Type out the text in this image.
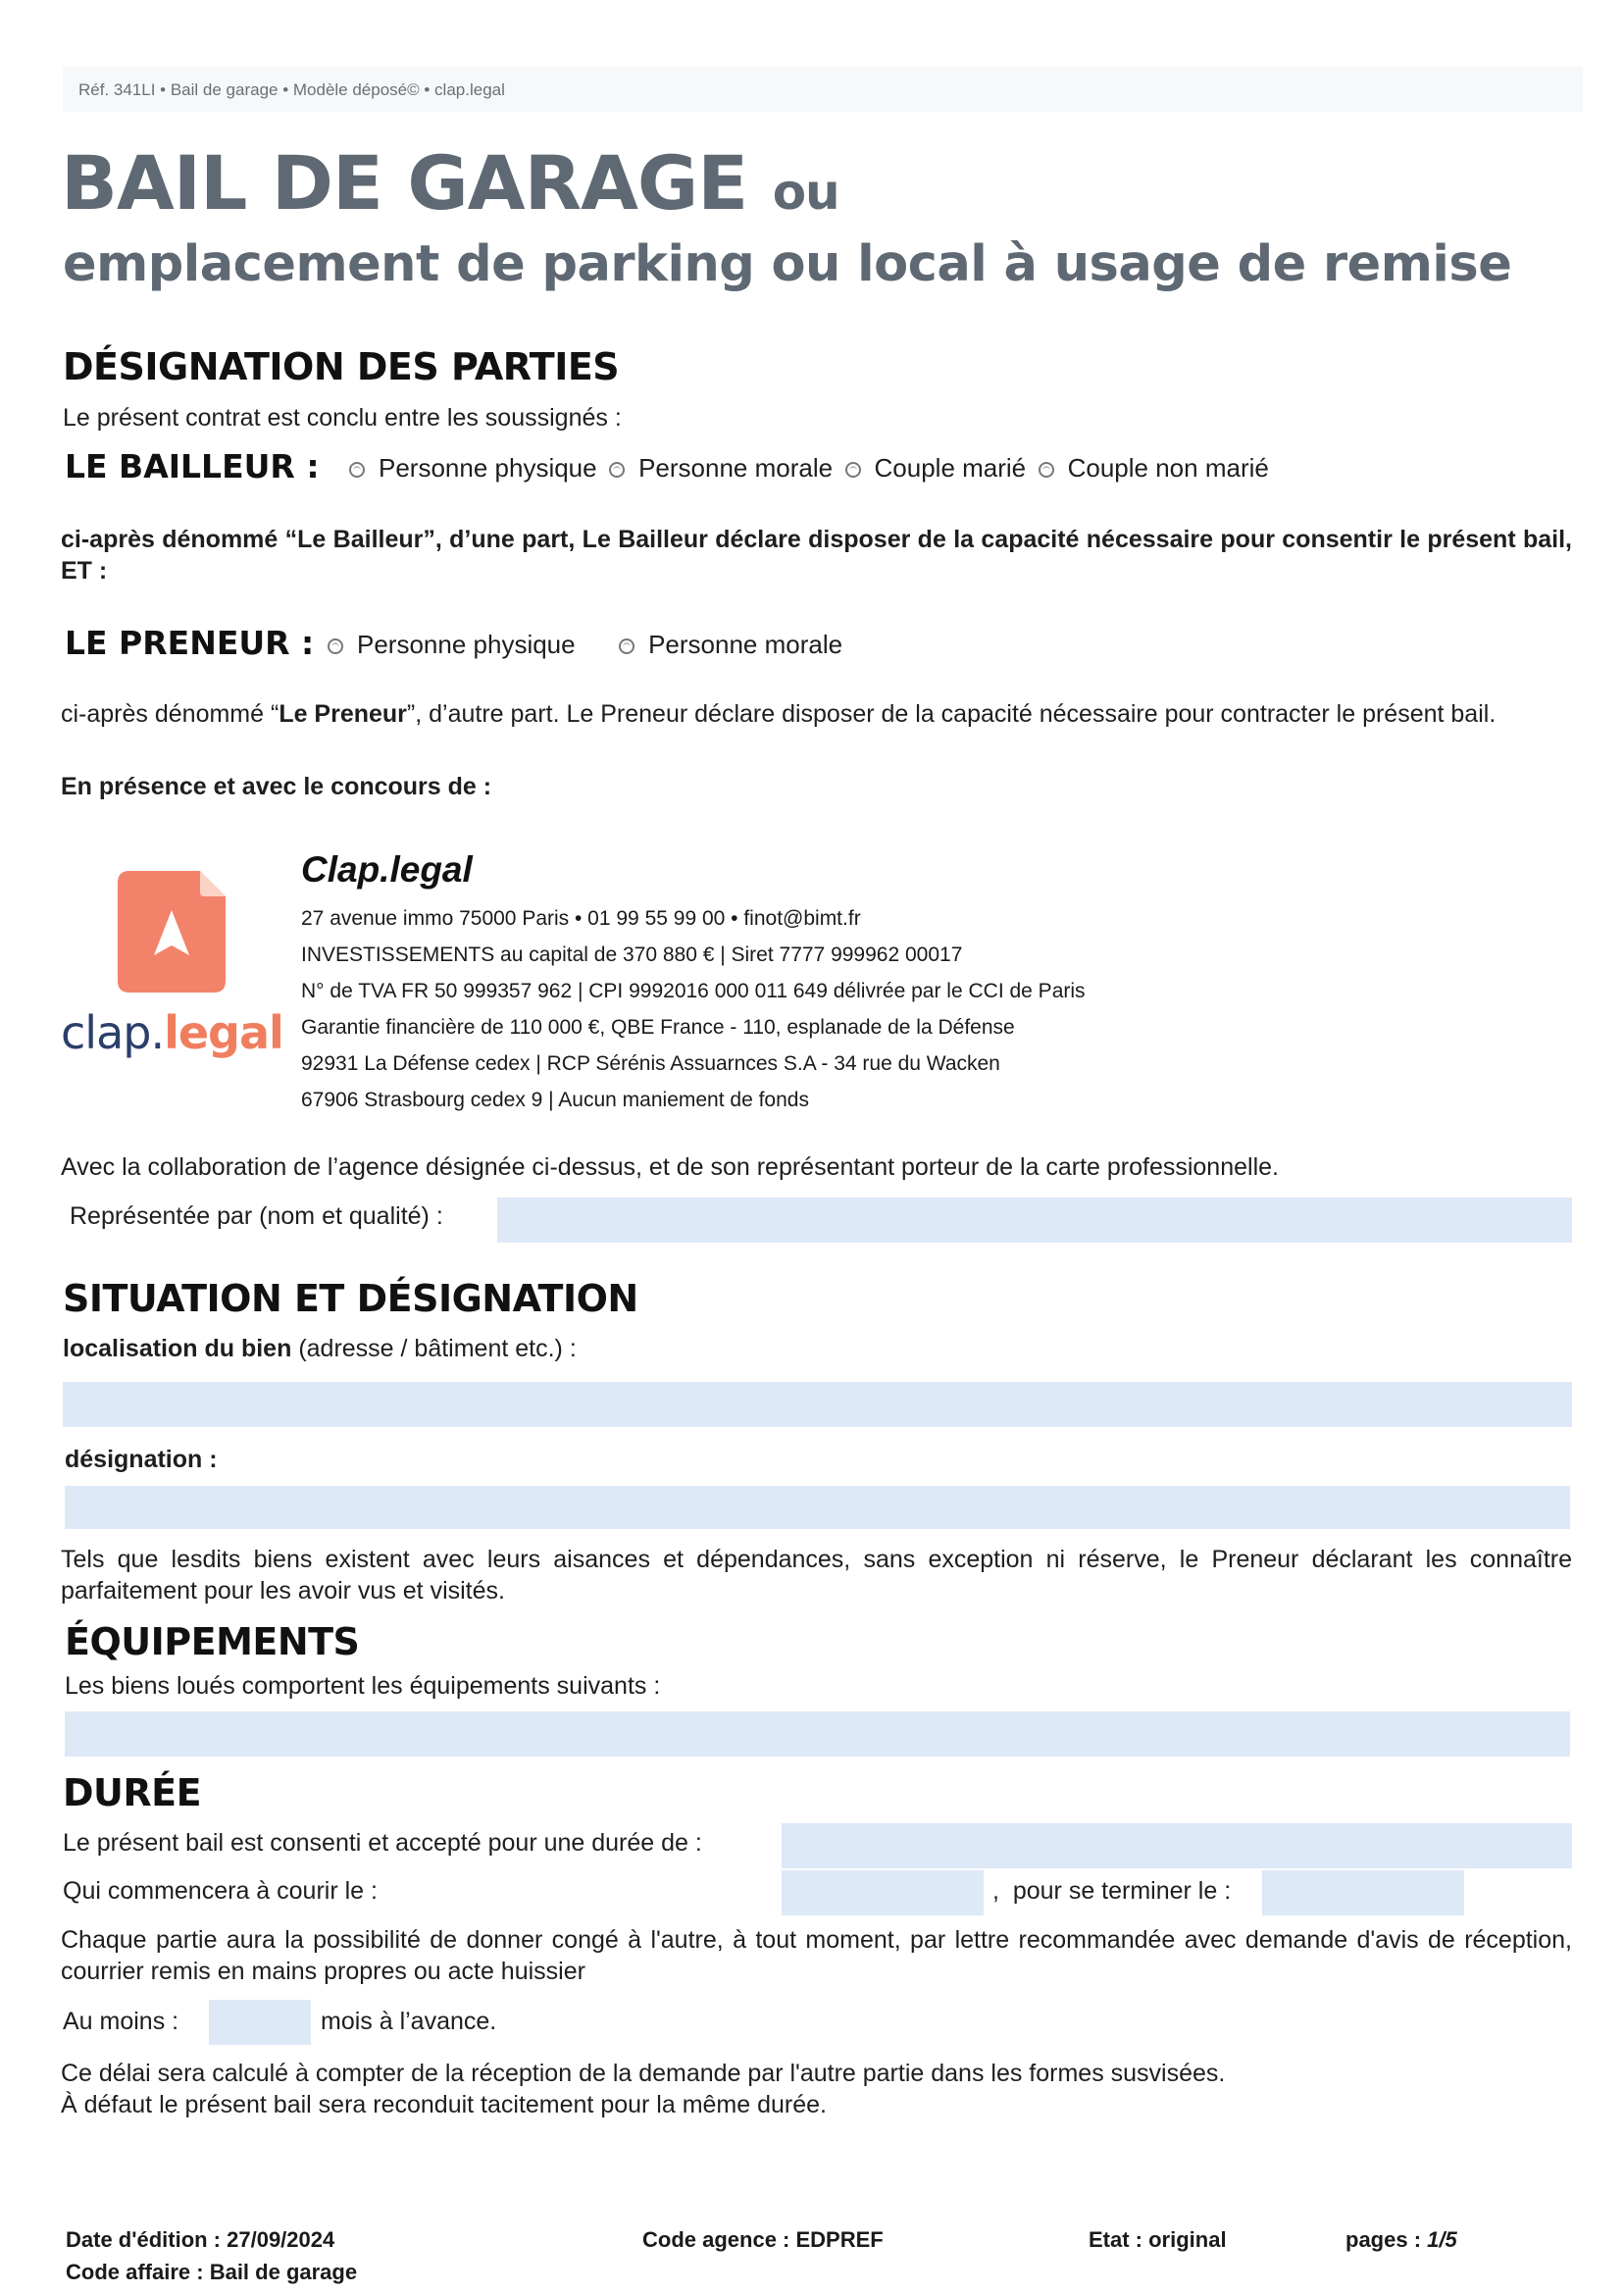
Réf. 341LI • Bail de garage • Modèle déposé© • clap.legal
BAIL DE GARAGE ou
emplacement de parking ou local à usage de remise
DÉSIGNATION DES PARTIES
Le présent contrat est conclu entre les soussignés :
LE BAILLEUR : Personne physique
Personne morale
Couple marié
Couple non marié
ci-après dénommé “Le Bailleur”, d’une part, Le Bailleur déclare disposer de la capacité nécessaire pour consentir le présent bail, ET :
LE PRENEUR : Personne physique
	Personne morale
ci-après dénommé “Le Preneur”, d’autre part. Le Preneur déclare disposer de la capacité nécessaire pour contracter le présent bail.
En présence et avec le concours de :
clap.legal
Clap.legal
27 avenue immo 75000 Paris • 01 99 55 99 00 • finot@bimt.fr
INVESTISSEMENTS au capital de 370 880 € | Siret 7777 999962 00017
N° de TVA FR 50 999357 962 | CPI 9992016 000 011 649 délivrée par le CCI de Paris
Garantie financière de 110 000 €, QBE France - 110, esplanade de la Défense
92931 La Défense cedex | RCP Sérénis Assuarnces S.A - 34 rue du Wacken
67906 Strasbourg cedex 9 | Aucun maniement de fonds
Avec la collaboration de l’agence désignée ci-dessus, et de son représentant porteur de la carte professionnelle.
Représentée par (nom et qualité) :
SITUATION ET DÉSIGNATION
localisation du bien (adresse / bâtiment etc.) :
désignation :
Tels que lesdits biens existent avec leurs aisances et dépendances, sans exception ni réserve, le Preneur déclarant les connaître parfaitement pour les avoir vus et visités.
ÉQUIPEMENTS
Les biens loués comportent les équipements suivants :
DURÉE
Le présent bail est consenti et accepté pour une durée de :
Qui commencera à courir le :	,  pour se terminer le :
Chaque partie aura la possibilité de donner congé à l'autre, à tout moment, par lettre recommandée avec demande d'avis de réception, courrier remis en mains propres ou acte huissier
Au moins :	mois à l’avance.
Ce délai sera calculé à compter de la réception de la demande par l'autre partie dans les formes susvisées.
À défaut le présent bail sera reconduit tacitement pour la même durée.
Date d'édition : 27/09/2024
Code affaire : Bail de garage
Code agence : EDPREF	Etat : original	pages : 1/5
